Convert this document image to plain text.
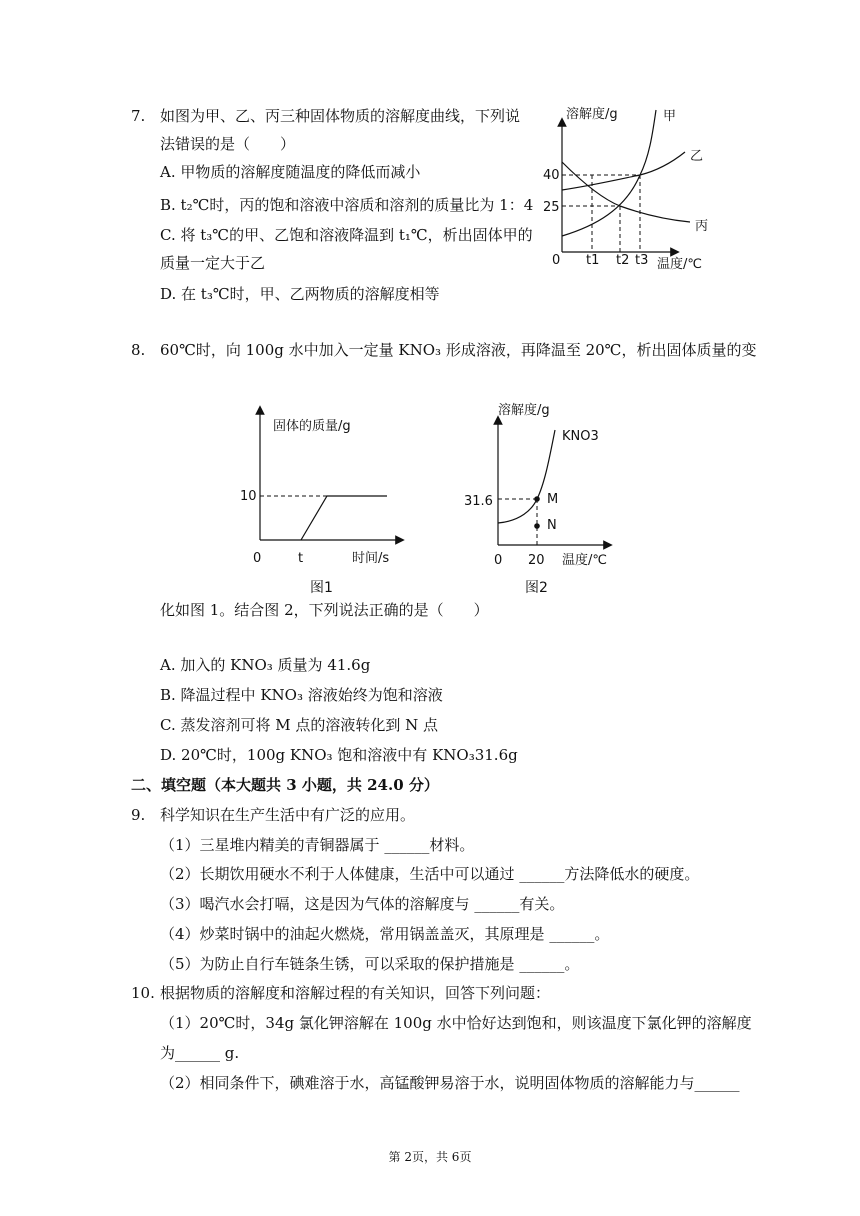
7. 如图为甲、乙、丙三种固体物质的溶解度曲线，下列说
法错误的是（　　）
A. 甲物质的溶解度随温度的降低而减小
B. t₂℃时，丙的饱和溶液中溶质和溶剂的质量比为 1：4
C. 将 t₃℃的甲、乙饱和溶液降温到 t₁℃，析出固体甲的
质量一定大于乙
D. 在 t₃℃时，甲、乙两物质的溶解度相等
溶解度/g
温度/℃
0
40
25
t1 t2 t3
甲
乙
丙
8. 60℃时，向 100g 水中加入一定量 KNO₃ 形成溶液，再降温至 20℃，析出固体质量的变
固体的质量/g
时间/s
0
10
t
图1
溶解度/g
温度/℃
0
31.6
20
KNO3
M
N
图2
化如图 1。结合图 2，下列说法正确的是（　　）
A. 加入的 KNO₃ 质量为 41.6g
B. 降温过程中 KNO₃ 溶液始终为饱和溶液
C. 蒸发溶剂可将 M 点的溶液转化到 N 点
D. 20℃时，100g KNO₃ 饱和溶液中有 KNO₃31.6g
二、填空题（本大题共 3 小题，共 24.0 分）
9. 科学知识在生产生活中有广泛的应用。
（1）三星堆内精美的青铜器属于 ______材料。
（2）长期饮用硬水不利于人体健康，生活中可以通过 ______方法降低水的硬度。
（3）喝汽水会打嗝，这是因为气体的溶解度与 ______有关。
（4）炒菜时锅中的油起火燃烧，常用锅盖盖灭，其原理是 ______。
（5）为防止自行车链条生锈，可以采取的保护措施是 ______。
10. 根据物质的溶解度和溶解过程的有关知识，回答下列问题：
（1）20℃时，34g 氯化钾溶解在 100g 水中恰好达到饱和，则该温度下氯化钾的溶解度
为______ g.
（2）相同条件下，碘难溶于水，高锰酸钾易溶于水，说明固体物质的溶解能力与______
第 2页，共 6页
